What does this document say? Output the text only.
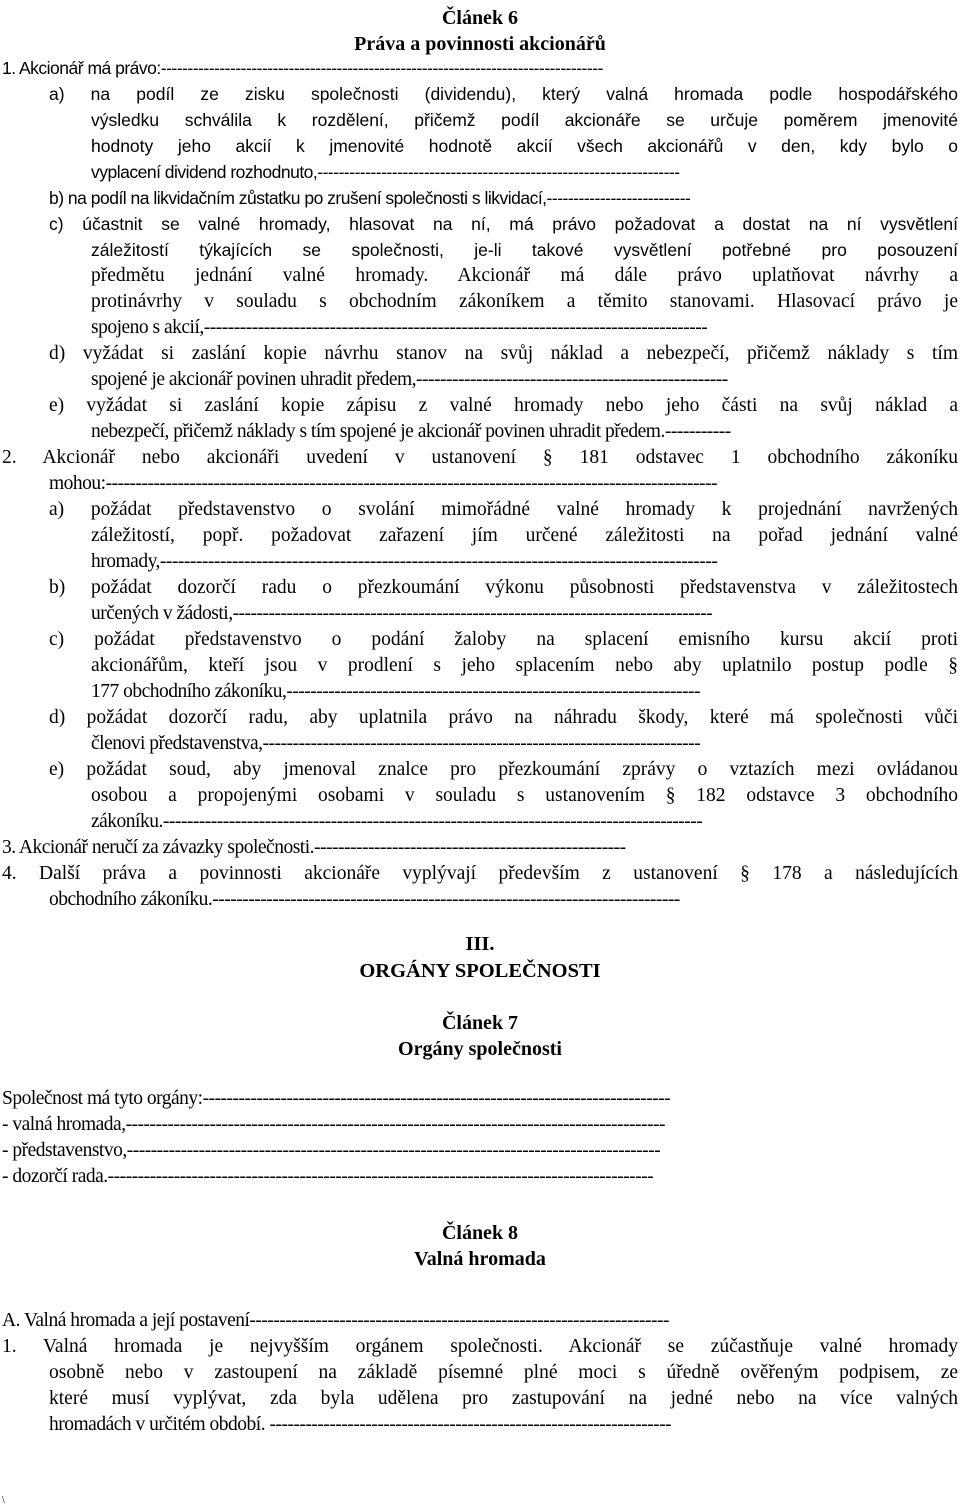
Článek 6
Práva a povinnosti akcionářů
1. Akcionář má právo:-----------------------------------------------------------------------------------
a) na podíl ze zisku společnosti (dividendu), který valná hromada podle hospodářského
výsledku schválila k rozdělení, přičemž podíl akcionáře se určuje poměrem jmenovité
hodnoty jeho akcií k jmenovité hodnotě akcií všech akcionářů v den, kdy bylo o
vyplacení dividend rozhodnuto,--------------------------------------------------------------------
b) na podíl na likvidačním zůstatku po zrušení společnosti s likvidací,---------------------------
c) účastnit se valné hromady, hlasovat na ní, má právo požadovat a dostat na ní vysvětlení
záležitostí týkajících se společnosti, je-li takové vysvětlení potřebné pro posouzení
předmětu jednání valné hromady. Akcionář má dále právo uplatňovat návrhy a
protinávrhy v souladu s obchodním zákoníkem a těmito stanovami. Hlasovací právo je
spojeno s akcií,------------------------------------------------------------------------------------
d) vyžádat si zaslání kopie návrhu stanov na svůj náklad a nebezpečí, přičemž náklady s tím
spojené je akcionář povinen uhradit předem,----------------------------------------------------
e) vyžádat si zaslání kopie zápisu z valné hromady nebo jeho části na svůj náklad a
nebezpečí, přičemž náklady s tím spojené je akcionář povinen uhradit předem.-----------
2. Akcionář nebo akcionáři uvedení v ustanovení § 181 odstavec 1 obchodního zákoníku
mohou:------------------------------------------------------------------------------------------------------
a) požádat představenstvo o svolání mimořádné valné hromady k projednání navržených
záležitostí, popř. požadovat zařazení jím určené záležitosti na pořad jednání valné
hromady,---------------------------------------------------------------------------------------------
b) požádat dozorčí radu o přezkoumání výkonu působnosti představenstva v záležitostech
určených v žádosti,--------------------------------------------------------------------------------
c) požádat představenstvo o podání žaloby na splacení emisního kursu akcií proti
akcionářům, kteří jsou v prodlení s jeho splacením nebo aby uplatnilo postup podle §
177 obchodního zákoníku,---------------------------------------------------------------------
d) požádat dozorčí radu, aby uplatnila právo na náhradu škody, které má společnosti vůči
členovi představenstva,-------------------------------------------------------------------------
e) požádat soud, aby jmenoval znalce pro přezkoumání zprávy o vztazích mezi ovládanou
osobou a propojenými osobami v souladu s ustanovením § 182 odstavce 3 obchodního
zákoníku.------------------------------------------------------------------------------------------
3. Akcionář neručí za závazky společnosti.----------------------------------------------------
4. Další práva a povinnosti akcionáře vyplývají především z ustanovení § 178 a následujících
obchodního zákoníku.------------------------------------------------------------------------------
III.
ORGÁNY SPOLEČNOSTI
Článek 7
Orgány společnosti
Společnost má tyto orgány:------------------------------------------------------------------------------
- valná hromada,------------------------------------------------------------------------------------------
- představenstvo,-----------------------------------------------------------------------------------------
- dozorčí rada.-------------------------------------------------------------------------------------------
Článek 8
Valná hromada
A. Valná hromada a její postavení----------------------------------------------------------------------
1. Valná hromada je nejvyšším orgánem společnosti. Akcionář se zúčastňuje valné hromady
osobně nebo v zastoupení na základě písemné plné moci s úředně ověřeným podpisem, ze
které musí vyplývat, zda byla udělena pro zastupování na jedné nebo na více valných
hromadách v určitém období. -------------------------------------------------------------------
\
